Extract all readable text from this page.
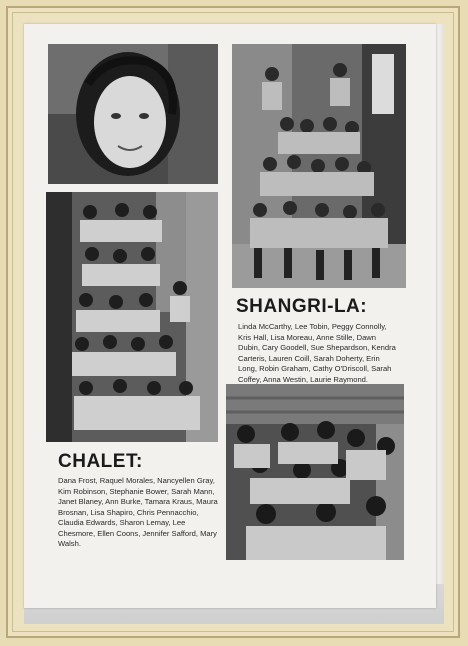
SHANGRI-LA:

Linda McCarthy, Lee Tobin, Peggy Connolly, Kris Hall, Lisa Moreau, Anne Stille, Dawn Dubin, Cary Goodell, Sue Shepardson, Kendra Carteris, Lauren Coill, Sarah Doherty, Erin Long, Robin Graham, Cathy O'Driscoll, Sarah Coffey, Anna Westin, Laurie Raymond.

CHALET:

Dana Frost, Raquel Morales, Nancyellen Gray, Kim Robinson, Stephanie Bower, Sarah Mann, Janet Blaney, Ann Burke, Tamara Kraus, Maura Brosnan, Lisa Shapiro, Chris Pennacchio, Claudia Edwards, Sharon Lemay, Lee Chesmore, Ellen Coons, Jennifer Safford, Mary Walsh.
